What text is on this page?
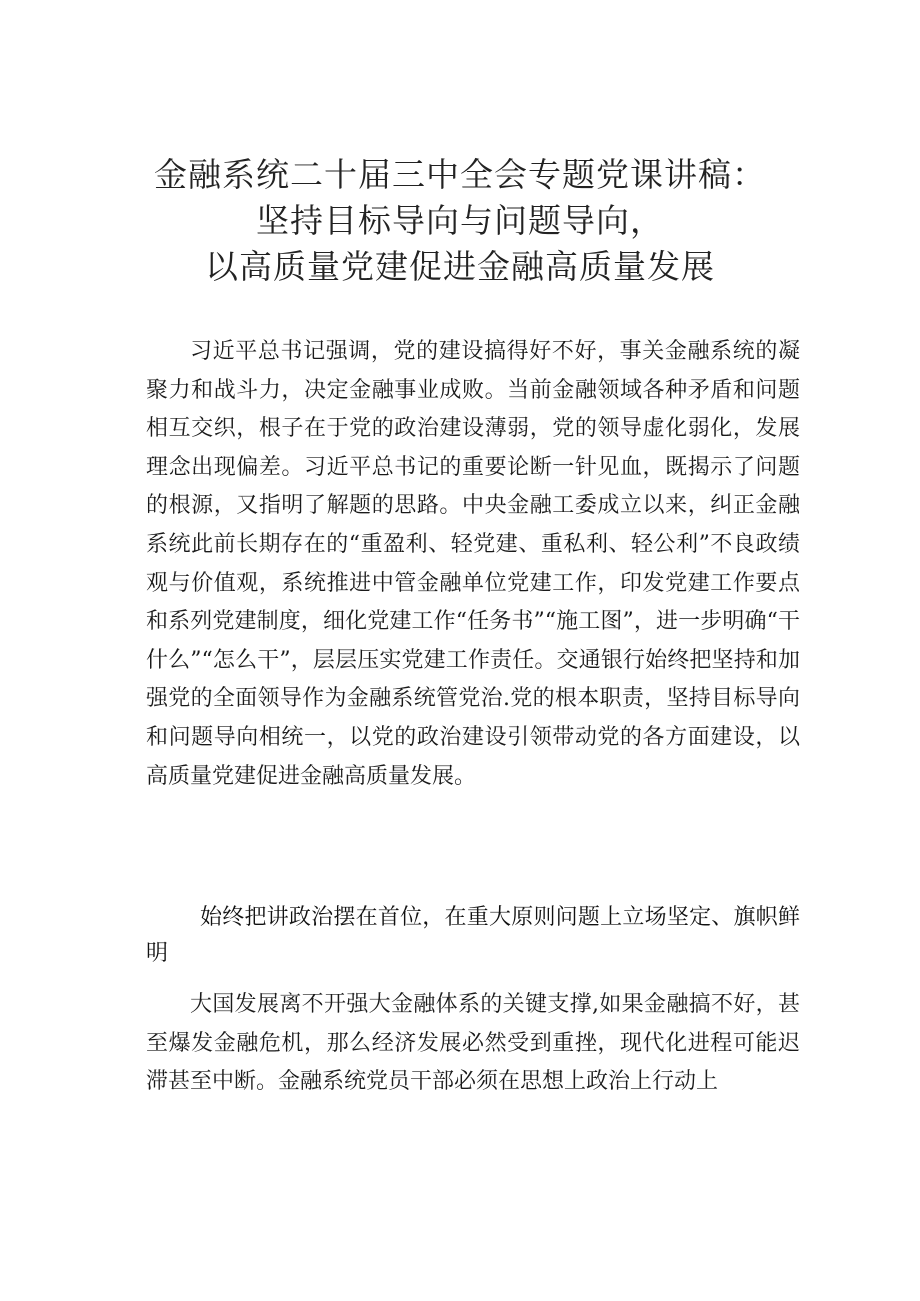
金融系统二十届三中全会专题党课讲稿：
坚持目标导向与问题导向，
以高质量党建促进金融高质量发展

习近平总书记强调，党的建设搞得好不好，事关金融系统的凝聚力和战斗力，决定金融事业成败。当前金融领域各种矛盾和问题相互交织，根子在于党的政治建设薄弱，党的领导虚化弱化，发展理念出现偏差。习近平总书记的重要论断一针见血，既揭示了问题的根源，又指明了解题的思路。中央金融工委成立以来，纠正金融系统此前长期存在的“重盈利、轻党建、重私利、轻公利”不良政绩观与价值观，系统推进中管金融单位党建工作，印发党建工作要点和系列党建制度，细化党建工作“任务书”“施工图”，进一步明确“干什么”“怎么干”，层层压实党建工作责任。交通银行始终把坚持和加强党的全面领导作为金融系统管党治.党的根本职责，坚持目标导向和问题导向相统一，以党的政治建设引领带动党的各方面建设，以高质量党建促进金融高质量发展。

始终把讲政治摆在首位，在重大原则问题上立场坚定、旗帜鲜明

大国发展离不开强大金融体系的关键支撑,如果金融搞不好，甚至爆发金融危机，那么经济发展必然受到重挫，现代化进程可能迟滞甚至中断。金融系统党员干部必须在思想上政治上行动上
